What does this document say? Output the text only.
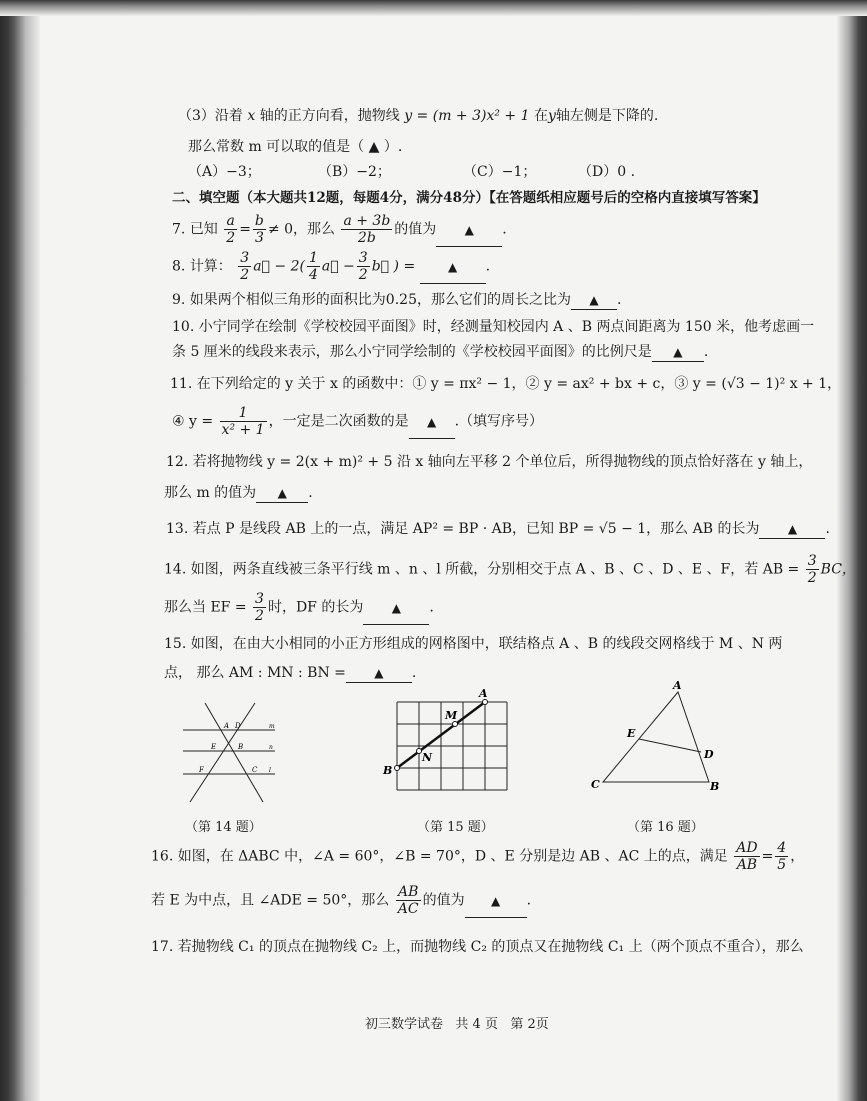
（3）沿着 x 轴的正方向看，抛物线 y = (m + 3)x² + 1 在y轴左侧是下降的.
那么常数 m 可以取的值是（ ▲ ）.
（A）−3；	（B）−2；	（C）−1；	（D）0 .
二、填空题（本大题共12题，每题4分，满分48分）【在答题纸相应题号后的空格内直接填写答案】
7. 已知 $\frac{a}{2} = \frac{b}{3} \ne 0$，那么 $\frac{a + 3b}{2b}$ 的值为 ▲ .
8. 计算： $\frac{3}{2}$ a⃗ − $2( \frac{1}{4}$ a⃗ − $\frac{3}{2}$ b⃗ ) =	▲ .
9. 如果两个相似三角形的面积比为0.25，那么它们的周长之比为 ▲ .
10. 小宁同学在绘制《学校校园平面图》时，经测量知校园内 A 、B 两点间距离为 150 米，他考虑画一
条 5 厘米的线段来表示，那么小宁同学绘制的《学校校园平面图》的比例尺是 ▲ .
11. 在下列给定的 y 关于 x 的函数中：① y = πx² − 1，② y = ax² + bx + c，③ y = (√3 − 1)² x + 1，
④ $y = \frac{1}{\text{x² + 1}}$ ，一定是二次函数的是 ▲ .（填写序号）
12. 若将抛物线 y = 2(x + m)² + 5 沿 x 轴向左平移 2 个单位后，所得抛物线的顶点恰好落在 y 轴上，
那么 m 的值为 ▲ .
13. 若点 P 是线段 AB 上的一点，满足 AP² = BP · AB，已知 BP = √5 − 1，那么 AB 的长为 ▲ .
14. 如图，两条直线被三条平行线 m 、n 、l 所截，分别相交于点 A 、B 、C 、D 、E 、F，若 AB = $\frac{3}{2}$ BC，
那么当 EF = $\frac{3}{2}$ 时，DF 的长为 ▲ .
15. 如图，在由大小相同的小正方形组成的网格图中，联结格点 A 、B 的线段交网格线于 M 、N 两
点， 那么 AM : MN : BN = ▲ .
A D
E	B
F	C
m
n
l
（第 14 题）
A
B
M
N
（第 15 题）
A
C	B
E
D
（第 16 题）
16. 如图，在 ΔABC 中，∠A = 60°，∠B = 70°，D 、E 分别是边 AB 、AC 上的点，满足 $\frac{AD}{AB} = \frac{4}{5}$ ，
若 E 为中点，且 ∠ADE = 50°，那么 $\frac{AB}{AC}$ 的值为 ▲ .
17. 若抛物线 C₁ 的顶点在抛物线 C₂ 上，而抛物线 C₂ 的顶点又在抛物线 C₁ 上（两个顶点不重合），那么
初三数学试卷 共 4 页 第 2页
